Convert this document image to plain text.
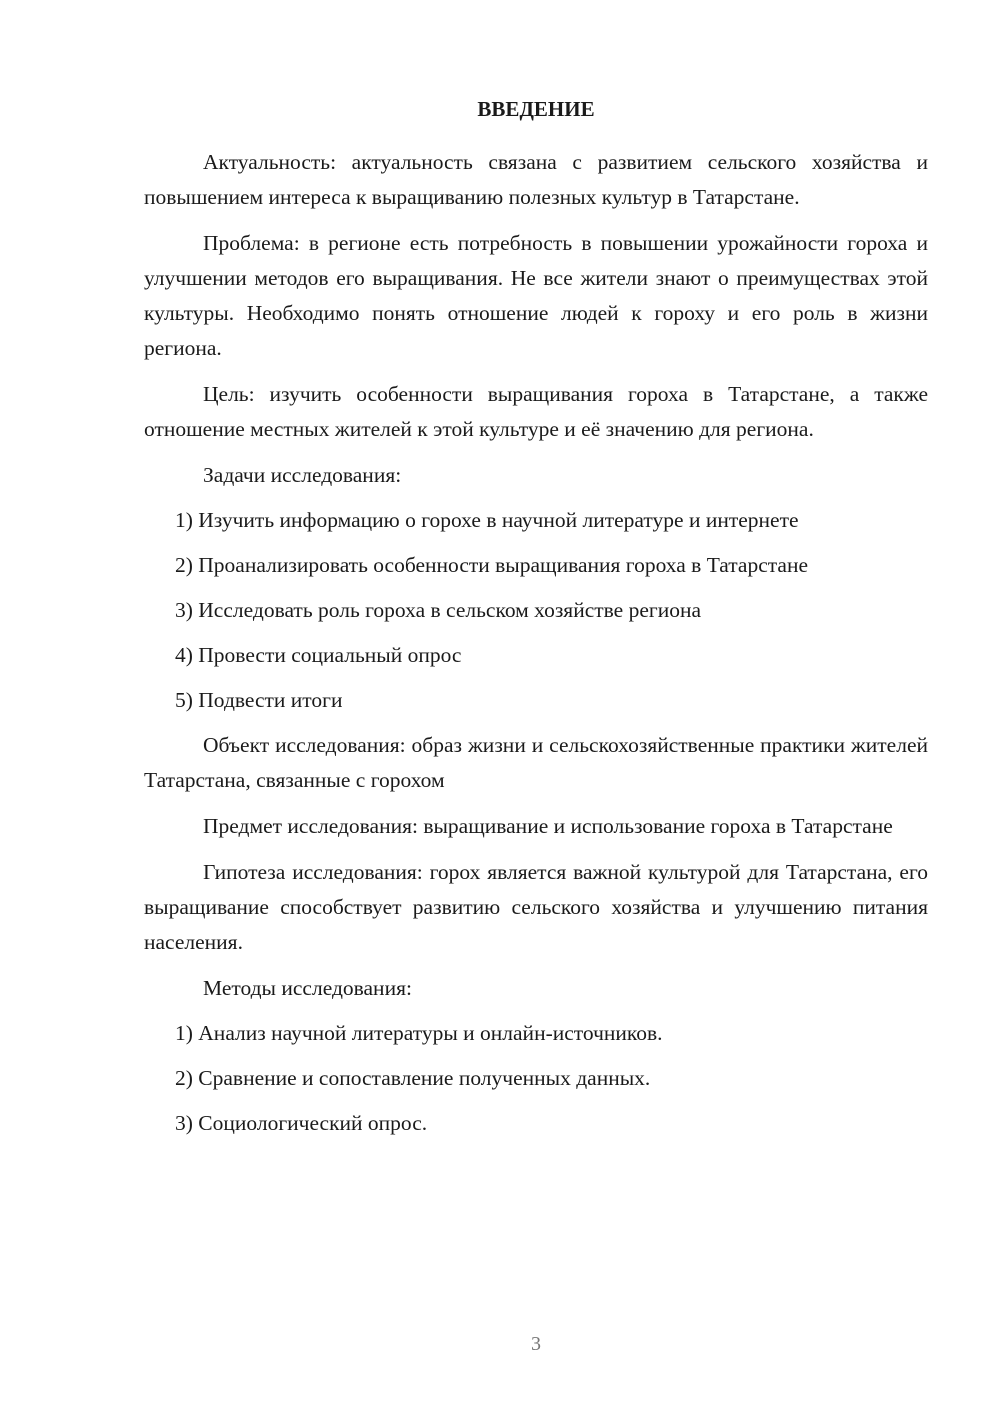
ВВЕДЕНИЕ
Актуальность: актуальность связана с развитием сельского хозяйства и повышением интереса к выращиванию полезных культур в Татарстане.
Проблема: в регионе есть потребность в повышении урожайности гороха и улучшении методов его выращивания. Не все жители знают о преимуществах этой культуры. Необходимо понять отношение людей к гороху и его роль в жизни региона.
Цель: изучить особенности выращивания гороха в Татарстане, а также отношение местных жителей к этой культуре и её значению для региона.
Задачи исследования:
1) Изучить информацию о горохе в научной литературе и интернете
2) Проанализировать особенности выращивания гороха в Татарстане
3) Исследовать роль гороха в сельском хозяйстве региона
4) Провести социальный опрос
5) Подвести итоги
Объект исследования: образ жизни и сельскохозяйственные практики жителей Татарстана, связанные с горохом
Предмет исследования: выращивание и использование гороха в Татарстане
Гипотеза исследования: горох является важной культурой для Татарстана, его выращивание способствует развитию сельского хозяйства и улучшению питания населения.
Методы исследования:
1) Анализ научной литературы и онлайн-источников.
2) Сравнение и сопоставление полученных данных.
3) Социологический опрос.
3
